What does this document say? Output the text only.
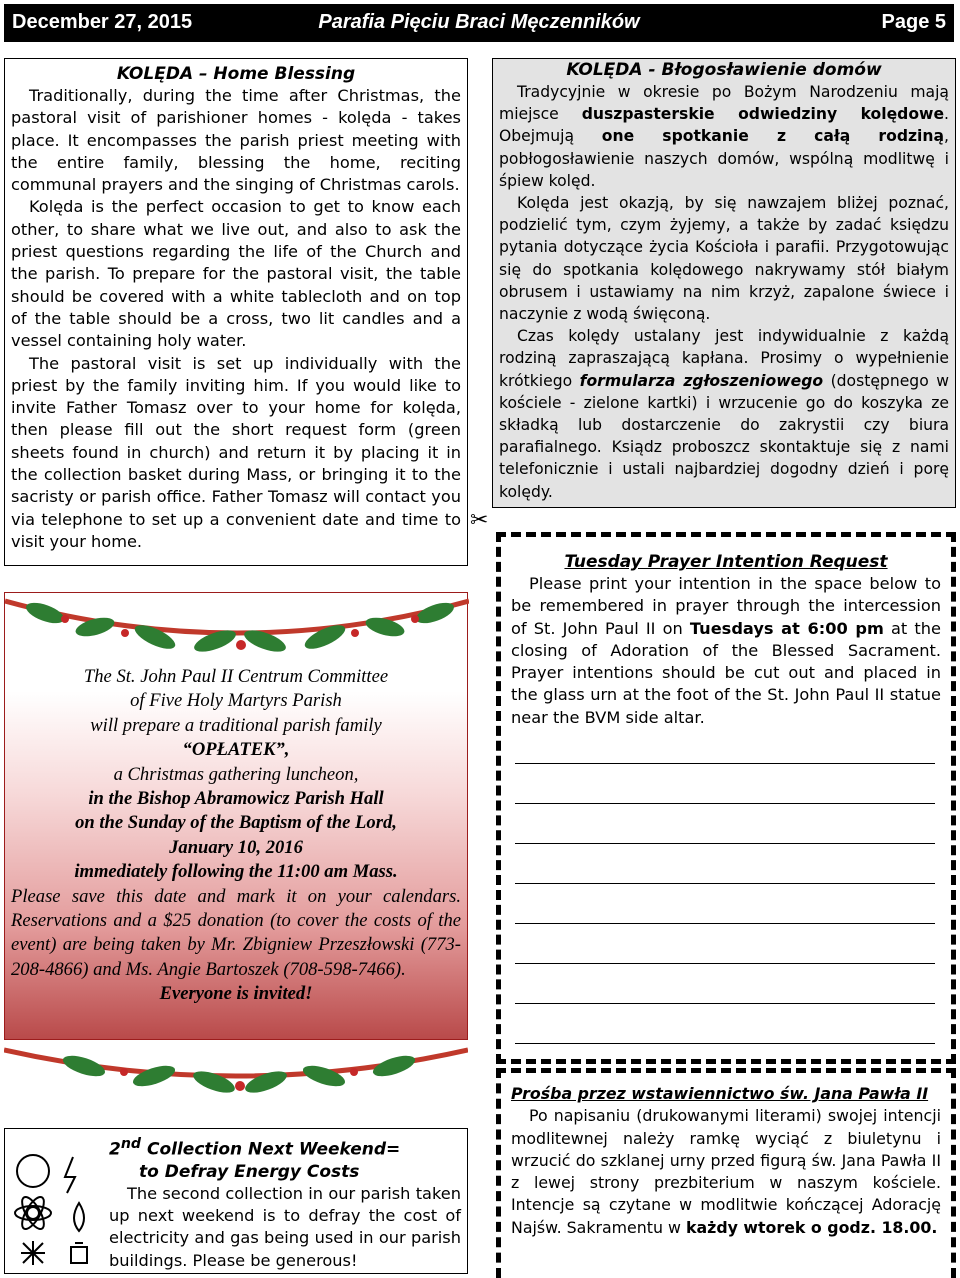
December 27, 2015	Parafia Pięciu Braci Męczenników	Page 5

KOLĘDA – Home Blessing

Traditionally, during the time after Christmas, the pastoral visit of parishioner homes - kolęda - takes place. It encompasses the parish priest meeting with the entire family, blessing the home, reciting communal prayers and the singing of Christmas carols.

Kolęda is the perfect occasion to get to know each other, to share what we live out, and also to ask the priest questions regarding the life of the Church and the parish. To prepare for the pastoral visit, the table should be covered with a white tablecloth and on top of the table should be a cross, two lit candles and a vessel containing holy water.

The pastoral visit is set up individually with the priest by the family inviting him. If you would like to invite Father Tomasz over to your home for kolęda, then please fill out the short request form (green sheets found in church) and return it by placing it in the collection basket during Mass, or bringing it to the sacristy or parish office. Father Tomasz will contact you via telephone to set up a convenient date and time to visit your home.

KOLĘDA - Błogosławienie domów

Tradycyjnie w okresie po Bożym Narodzeniu mają miejsce duszpasterskie odwiedziny kolędowe. Obejmują one spotkanie z całą rodziną, pobłogosławienie naszych domów, wspólną modlitwę i śpiew kolęd.

Kolęda jest okazją, by się nawzajem bliżej poznać, podzielić tym, czym żyjemy, a także by zadać księdzu pytania dotyczące życia Kościoła i parafii. Przygotowując się do spotkania kolędowego nakrywamy stół białym obrusem i ustawiamy na nim krzyż, zapalone świece i naczynie z wodą święconą.

Czas kolędy ustalany jest indywidualnie z każdą rodziną zapraszającą kapłana. Prosimy o wypełnienie krótkiego formularza zgłoszeniowego (dostępnego w kościele - zielone kartki) i wrzucenie go do koszyka ze składką lub dostarczenie do zakrystii czy biura parafialnego. Ksiądz proboszcz skontaktuje się z nami telefonicznie i ustali najbardziej dogodny dzień i porę kolędy.

✂

Tuesday Prayer Intention Request

Please print your intention in the space below to be remembered in prayer through the intercession of St. John Paul II on Tuesdays at 6:00 pm at the closing of Adoration of the Blessed Sacrament. Prayer intentions should be cut out and placed in the glass urn at the foot of the St. John Paul II statue near the BVM side altar.

Prośba przez wstawiennictwo św. Jana Pawła II

Po napisaniu (drukowanymi literami) swojej intencji modlitewnej należy ramkę wyciąć z biuletynu i wrzucić do szklanej urny przed figurą św. Jana Pawła II z lewej strony prezbiterium w naszym kościele. Intencje są czytane w modlitwie kończącej Adorację Najśw. Sakramentu w każdy wtorek o godz. 18.00.

The St. John Paul II Centrum Committee

of Five Holy Martyrs Parish

will prepare a traditional parish family

“OPŁATEK”,

a Christmas gathering luncheon,

in the Bishop Abramowicz Parish Hall

on the Sunday of the Baptism of the Lord,

January 10, 2016

immediately following the 11:00 am Mass.

Please save this date and mark it on your calendars. Reservations and a $25 donation (to cover the costs of the event) are being taken by Mr. Zbigniew Przeszłowski (773-208-4866) and Ms. Angie Bartoszek (708-598-7466).

Everyone is invited!

2nd Collection Next Weekend=

to Defray Energy Costs

The second collection in our parish taken up next weekend is to defray the cost of electricity and gas being used in our parish buildings. Please be generous!
